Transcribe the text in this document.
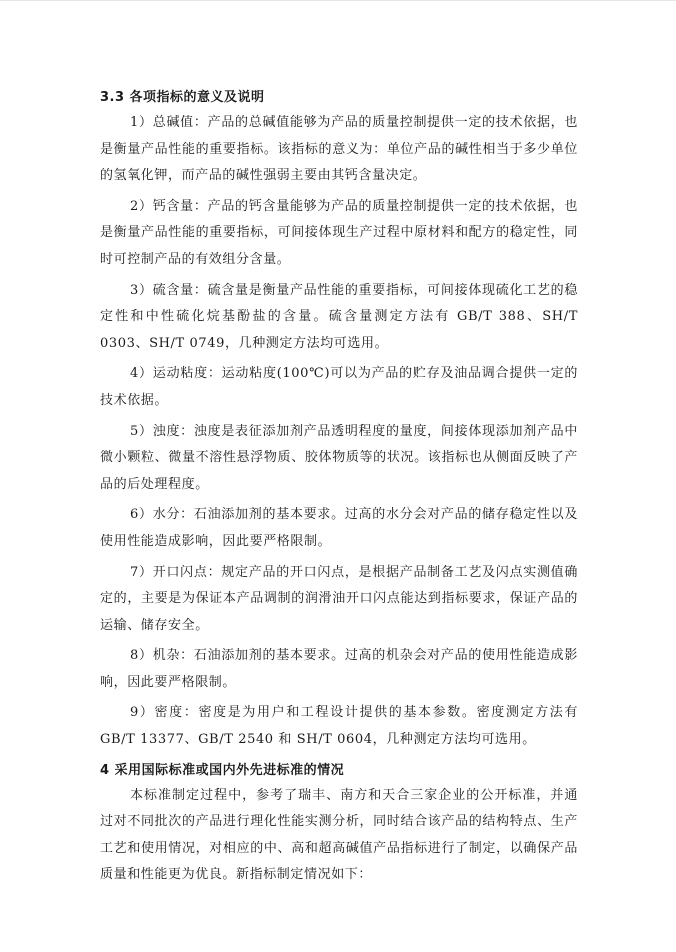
3.3 各项指标的意义及说明

1）总碱值：产品的总碱值能够为产品的质量控制提供一定的技术依据，也是衡量产品性能的重要指标。该指标的意义为：单位产品的碱性相当于多少单位的氢氧化钾，而产品的碱性强弱主要由其钙含量决定。

2）钙含量：产品的钙含量能够为产品的质量控制提供一定的技术依据，也是衡量产品性能的重要指标，可间接体现生产过程中原材料和配方的稳定性，同时可控制产品的有效组分含量。

3）硫含量：硫含量是衡量产品性能的重要指标，可间接体现硫化工艺的稳定性和中性硫化烷基酚盐的含量。硫含量测定方法有 GB/T 388、SH/T 0303、SH/T 0749，几种测定方法均可选用。

4）运动粘度：运动粘度(100℃)可以为产品的贮存及油品调合提供一定的技术依据。

5）浊度：浊度是表征添加剂产品透明程度的量度，间接体现添加剂产品中微小颗粒、微量不溶性悬浮物质、胶体物质等的状况。该指标也从侧面反映了产品的后处理程度。

6）水分：石油添加剂的基本要求。过高的水分会对产品的储存稳定性以及使用性能造成影响，因此要严格限制。

7）开口闪点：规定产品的开口闪点，是根据产品制备工艺及闪点实测值确定的，主要是为保证本产品调制的润滑油开口闪点能达到指标要求，保证产品的运输、储存安全。

8）机杂：石油添加剂的基本要求。过高的机杂会对产品的使用性能造成影响，因此要严格限制。

9）密度：密度是为用户和工程设计提供的基本参数。密度测定方法有 GB/T 13377、GB/T 2540 和 SH/T 0604，几种测定方法均可选用。

4 采用国际标准或国内外先进标准的情况

本标准制定过程中，参考了瑞丰、南方和天合三家企业的公开标准，并通过对不同批次的产品进行理化性能实测分析，同时结合该产品的结构特点、生产工艺和使用情况，对相应的中、高和超高碱值产品指标进行了制定，以确保产品质量和性能更为优良。新指标制定情况如下：
